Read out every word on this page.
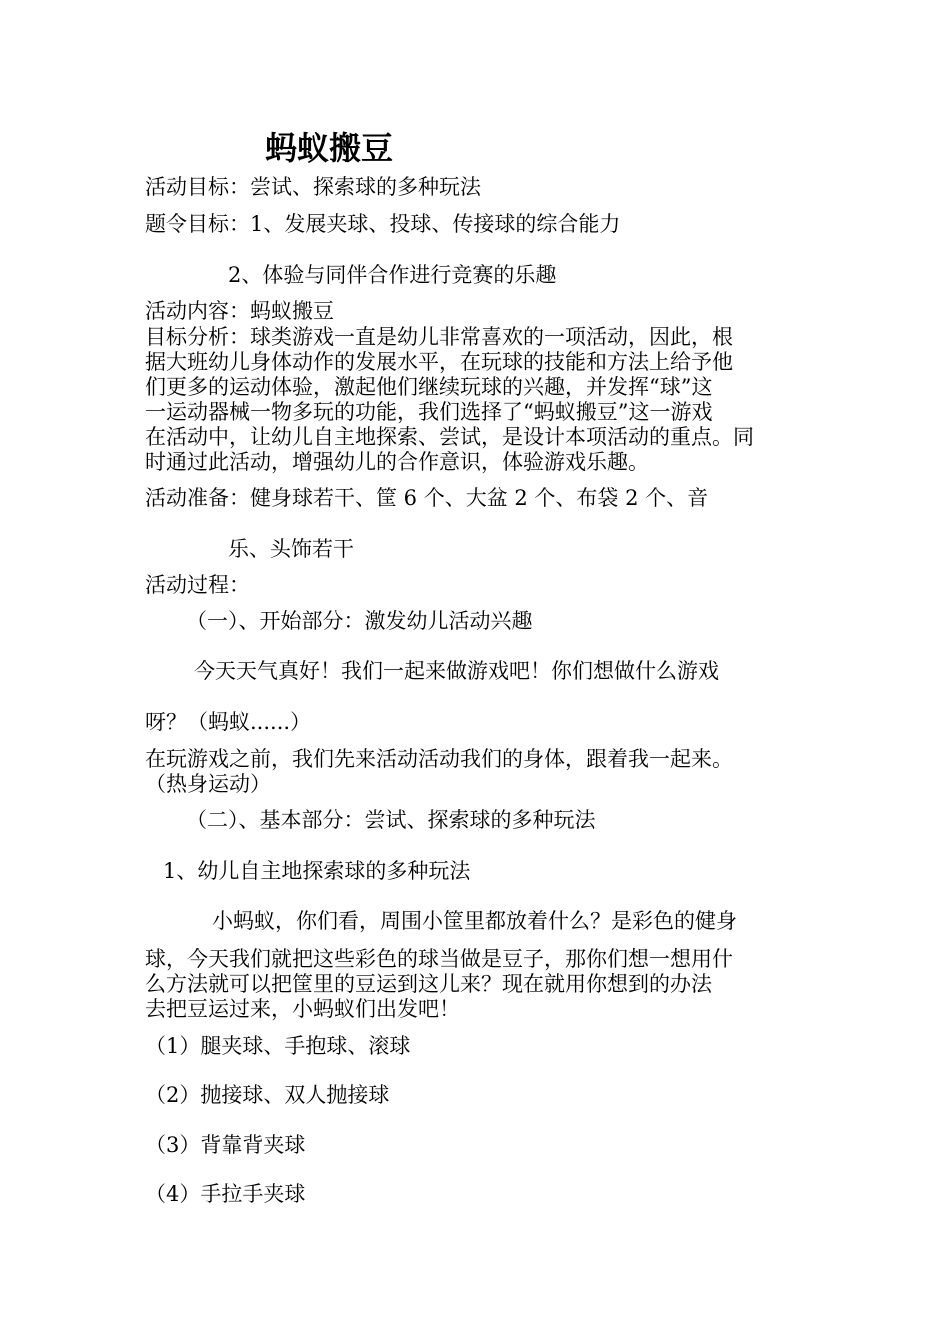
蚂蚁搬豆
活动目标：尝试、探索球的多种玩法
题令目标：1、发展夹球、投球、传接球的综合能力
2、体验与同伴合作进行竞赛的乐趣
活动内容：蚂蚁搬豆
目标分析：球类游戏一直是幼儿非常喜欢的一项活动，因此，根
据大班幼儿身体动作的发展水平，在玩球的技能和方法上给予他
们更多的运动体验，激起他们继续玩球的兴趣，并发挥“球”这
一运动器械一物多玩的功能，我们选择了“蚂蚁搬豆”这一游戏
在活动中，让幼儿自主地探索、尝试，是设计本项活动的重点。同
时通过此活动，增强幼儿的合作意识，体验游戏乐趣。
活动准备：健身球若干、筐 6 个、大盆 2 个、布袋 2 个、音
乐、头饰若干
活动过程：
（一）、开始部分：激发幼儿活动兴趣
今天天气真好！我们一起来做游戏吧！你们想做什么游戏
呀？（蚂蚁......）
在玩游戏之前，我们先来活动活动我们的身体，跟着我一起来。
（热身运动）
（二）、基本部分：尝试、探索球的多种玩法
1、幼儿自主地探索球的多种玩法
小蚂蚁，你们看，周围小筐里都放着什么？是彩色的健身
球，今天我们就把这些彩色的球当做是豆子，那你们想一想用什
么方法就可以把筐里的豆运到这儿来？现在就用你想到的办法
去把豆运过来，小蚂蚁们出发吧！
（1）腿夹球、手抱球、滚球
（2）抛接球、双人抛接球
（3）背靠背夹球
（4）手拉手夹球
